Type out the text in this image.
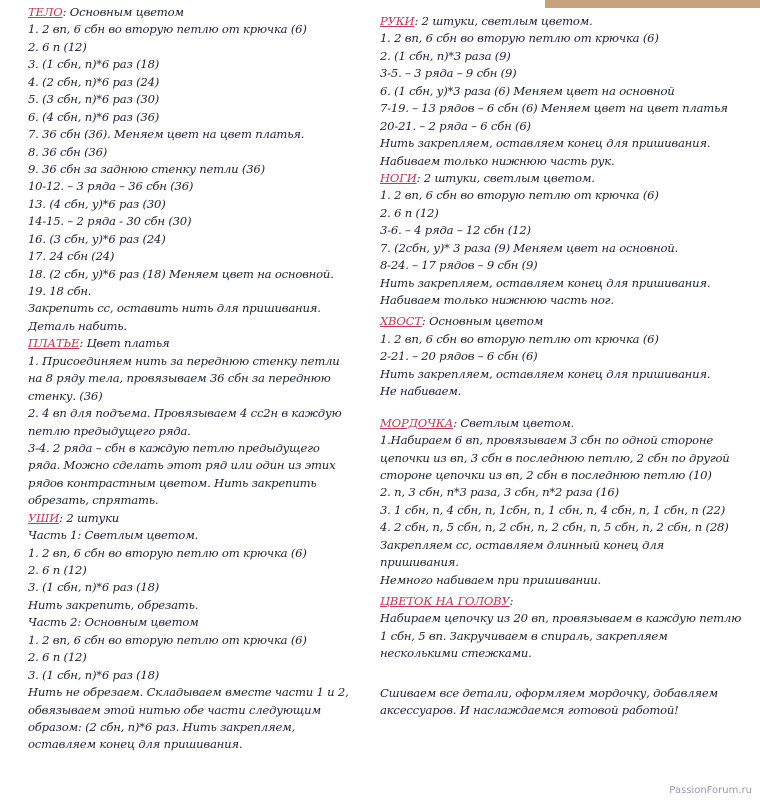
ТЕЛО: Основным цветом
1. 2 вп, 6 сбн во вторую петлю от крючка (6)
2. 6 п (12)
3. (1 сбн, п)*6 раз (18)
4. (2 сбн, п)*6 раз (24)
5. (3 сбн, п)*6 раз (30)
6. (4 сбн, п)*6 раз (36)
7. 36 сбн (36). Меняем цвет на цвет платья.
8. 36 сбн (36)
9. 36 сбн за заднюю стенку петли (36)
10-12. – 3 ряда – 36 сбн (36)
13. (4 сбн, у)*6 раз (30)
14-15. – 2 ряда - 30 сбн (30)
16. (3 сбн, у)*6 раз (24)
17. 24 сбн (24)
18. (2 сбн, у)*6 раз (18) Меняем цвет на основной.
19. 18 сбн.
Закрепить сс, оставить нить для пришивания.
Деталь набить.
ПЛАТЬЕ: Цвет платья
1. Присоединяем нить за переднюю стенку петли
на 8 ряду тела, провязываем 36 сбн за переднюю
стенку. (36)
2. 4 вп для подъема. Провязываем 4 сс2н в каждую
петлю предыдущего ряда.
3-4. 2 ряда – сбн в каждую петлю предыдущего
ряда. Можно сделать этот ряд или один из этих
рядов контрастным цветом. Нить закрепить
обрезать, спрятать.
УШИ: 2 штуки
Часть 1: Светлым цветом.
1. 2 вп, 6 сбн во вторую петлю от крючка (6)
2. 6 п (12)
3. (1 сбн, п)*6 раз (18)
Нить закрепить, обрезать.
Часть 2: Основным цветом
1. 2 вп, 6 сбн во вторую петлю от крючка (6)
2. 6 п (12)
3. (1 сбн, п)*6 раз (18)
Нить не обрезаем. Складываем вместе части 1 и 2,
обвязываем этой нитью обе части следующим
образом: (2 сбн, п)*6 раз. Нить закрепляем,
оставляем конец для пришивания.
РУКИ: 2 штуки, светлым цветом.
1. 2 вп, 6 сбн во вторую петлю от крючка (6)
2. (1 сбн, п)*3 раза (9)
3-5. – 3 ряда – 9 сбн (9)
6. (1 сбн, у)*3 раза (6) Меняем цвет на основной
7-19. – 13 рядов – 6 сбн (6) Меняем цвет на цвет платья
20-21. – 2 ряда – 6 сбн (6)
Нить закрепляем, оставляем конец для пришивания.
Набиваем только нижнюю часть рук.
НОГИ: 2 штуки, светлым цветом.
1. 2 вп, 6 сбн во вторую петлю от крючка (6)
2. 6 п (12)
3-6. – 4 ряда – 12 сбн (12)
7. (2сбн, у)* 3 раза (9) Меняем цвет на основной.
8-24. – 17 рядов – 9 сбн (9)
Нить закрепляем, оставляем конец для пришивания.
Набиваем только нижнюю часть ног.
ХВОСТ: Основным цветом
1. 2 вп, 6 сбн во вторую петлю от крючка (6)
2-21. – 20 рядов – 6 сбн (6)
Нить закрепляем, оставляем конец для пришивания.
Не набиваем.
МОРДОЧКА: Светлым цветом.
1.Набираем 6 вп, провязываем 3 сбн по одной стороне
цепочки из вп, 3 сбн в последнюю петлю, 2 сбн по другой
стороне цепочки из вп, 2 сбн в последнюю петлю (10)
2. п, 3 сбн, п*3 раза, 3 сбн, п*2 раза (16)
3. 1 сбн, п, 4 сбн, п, 1сбн, п, 1 сбн, п, 4 сбн, п, 1 сбн, п (22)
4. 2 сбн, п, 5 сбн, п, 2 сбн, п, 2 сбн, п, 5 сбн, п, 2 сбн, п (28)
Закрепляем сс, оставляем длинный конец для
пришивания.
Немного набиваем при пришивании.
ЦВЕТОК НА ГОЛОВУ:
Набираем цепочку из 20 вп, провязываем в каждую петлю
1 сбн, 5 вп. Закручиваем в спираль, закрепляем
несколькими стежками.
Сшиваем все детали, оформляем мордочку, добавляем
аксессуаров. И наслаждаемся готовой работой!
PassionForum.ru
